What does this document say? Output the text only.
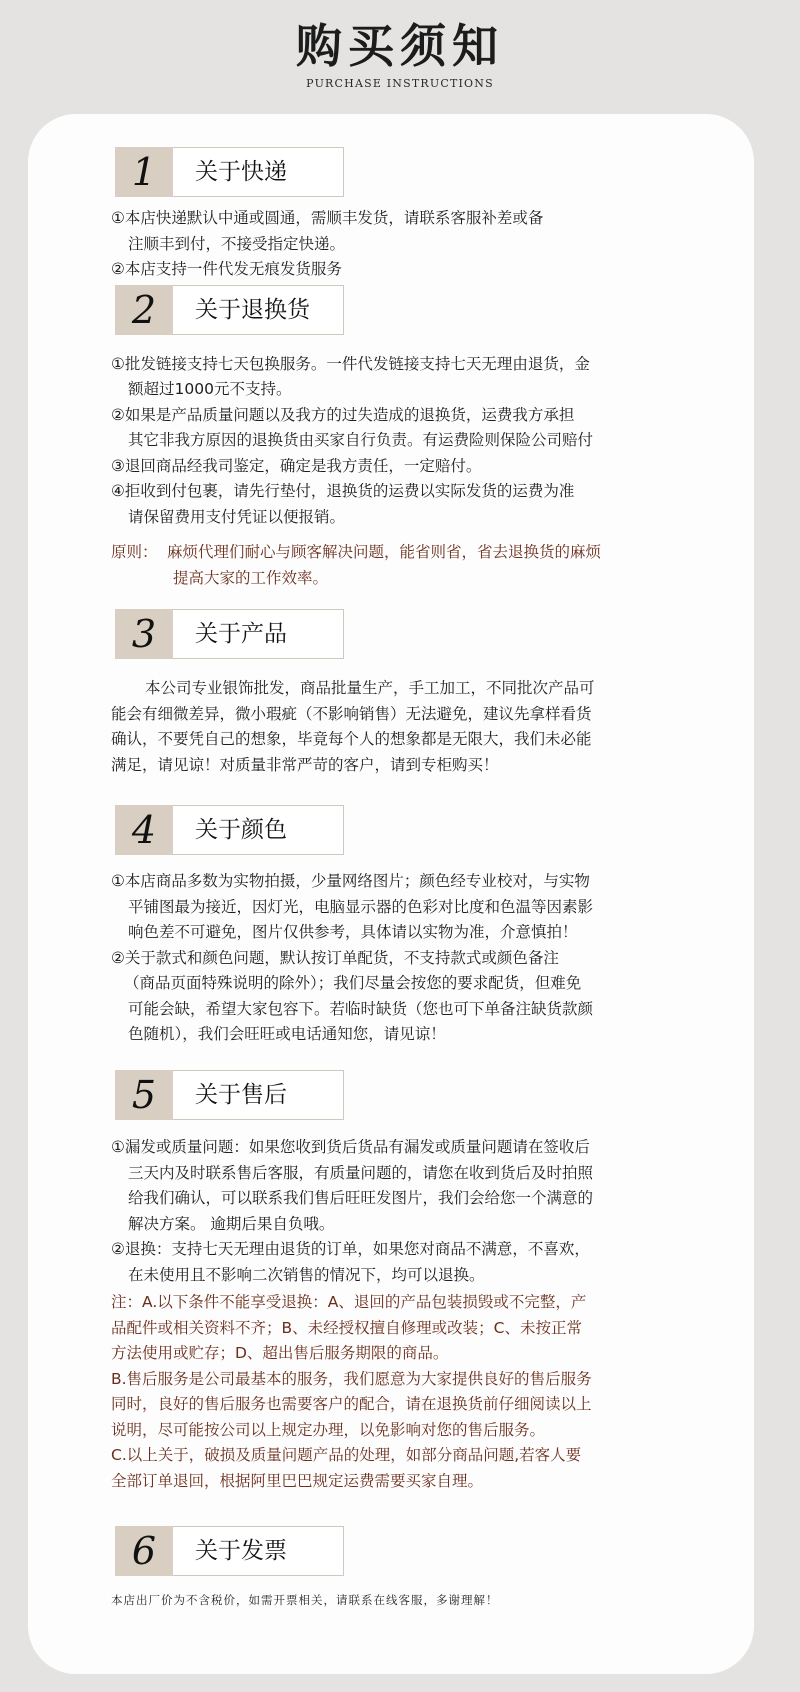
购买须知
PURCHASE INSTRUCTIONS
1	关于快递
①本店快递默认中通或圆通，需顺丰发货，请联系客服补差或备
注顺丰到付，不接受指定快递。
②本店支持一件代发无痕发货服务
2	关于退换货
①批发链接支持七天包换服务。一件代发链接支持七天无理由退货，金
额超过1000元不支持。
②如果是产品质量问题以及我方的过失造成的退换货，运费我方承担
其它非我方原因的退换货由买家自行负责。有运费险则保险公司赔付
③退回商品经我司鉴定，确定是我方责任，一定赔付。
④拒收到付包裹，请先行垫付，退换货的运费以实际发货的运费为准
请保留费用支付凭证以便报销。
原则： 麻烦代理们耐心与顾客解决问题，能省则省，省去退换货的麻烦
提高大家的工作效率。
3	关于产品
本公司专业银饰批发，商品批量生产，手工加工，不同批次产品可
能会有细微差异，微小瑕疵（不影响销售）无法避免，建议先拿样看货
确认，不要凭自己的想象，毕竟每个人的想象都是无限大，我们未必能
满足，请见谅！对质量非常严苛的客户，请到专柜购买！
4	关于颜色
①本店商品多数为实物拍摄，少量网络图片；颜色经专业校对，与实物
平铺图最为接近，因灯光，电脑显示器的色彩对比度和色温等因素影
响色差不可避免，图片仅供参考，具体请以实物为准，介意慎拍！
②关于款式和颜色问题，默认按订单配货，不支持款式或颜色备注
（商品页面特殊说明的除外）；我们尽量会按您的要求配货，但难免
可能会缺，希望大家包容下。若临时缺货（您也可下单备注缺货款颜
色随机），我们会旺旺或电话通知您，请见谅！
5	关于售后
①漏发或质量问题：如果您收到货后货品有漏发或质量问题请在签收后
三天内及时联系售后客服，有质量问题的，请您在收到货后及时拍照
给我们确认，可以联系我们售后旺旺发图片，我们会给您一个满意的
解决方案。 逾期后果自负哦。
②退换：支持七天无理由退货的订单，如果您对商品不满意，不喜欢，
在未使用且不影响二次销售的情况下，均可以退换。
注：A.以下条件不能享受退换：A、退回的产品包装损毁或不完整，产
品配件或相关资料不齐；B、未经授权擅自修理或改装；C、未按正常
方法使用或贮存；D、超出售后服务期限的商品。
B.售后服务是公司最基本的服务，我们愿意为大家提供良好的售后服务
同时，良好的售后服务也需要客户的配合，请在退换货前仔细阅读以上
说明，尽可能按公司以上规定办理，以免影响对您的售后服务。
C.以上关于，破损及质量问题产品的处理，如部分商品问题,若客人要
全部订单退回，根据阿里巴巴规定运费需要买家自理。
6	关于发票
本店出厂价为不含税价，如需开票相关，请联系在线客服，多谢理解！
